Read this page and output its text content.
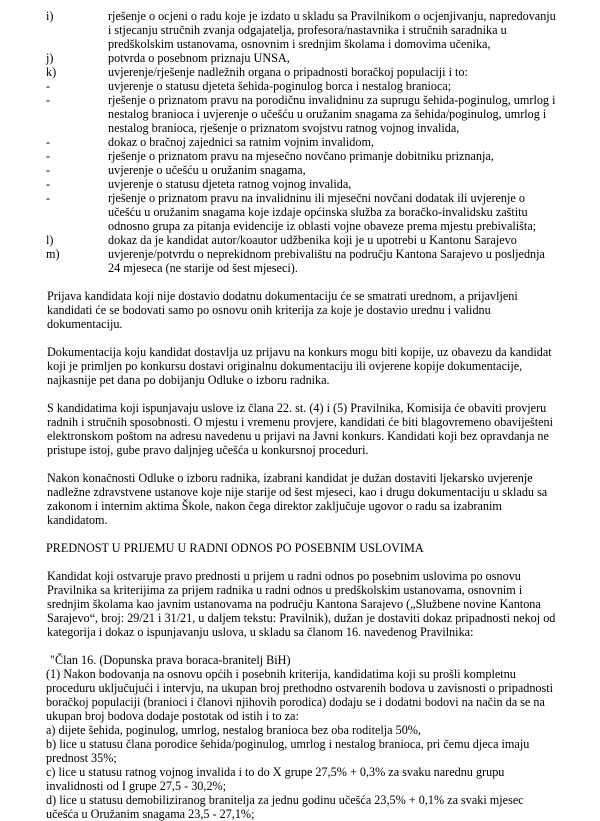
i)	rješenje o ocjeni o radu koje je izdato u skladu sa Pravilnikom o ocjenjivanju, napredovanju i stjecanju stručnih zvanja odgajatelja, profesora/nastavnika i stručnih saradnika u predškolskim ustanovama, osnovnim i srednjim školama i domovima učenika,
j)	potvrda o posebnom priznaju UNSA,
k)	uvjerenje/rješenje nadležnih organa o pripadnosti boračkoj populaciji i to:
-	uvjerenje o statusu djeteta šehida-poginulog borca i nestalog branioca;
-	rješenje o priznatom pravu na porodičnu invalidninu za suprugu šehida-poginulog, umrlog i nestalog branioca i uvjerenje o učešću u oružanim snagama za šehida/poginulog, umrlog i nestalog branioca, rješenje o priznatom svojstvu ratnog vojnog invalida,
-	dokaz o bračnoj zajednici sa ratnim vojnim invalidom,
-	rješenje o priznatom pravu na mjesečno novčano primanje dobitniku priznanja,
-	uvjerenje o učešću u oružanim snagama,
-	uvjerenje o statusu djeteta ratnog vojnog invalida,
-	rješenje o priznatom pravu na invalidninu ili mjesečni novčani dodatak ili uvjerenje o učešću u oružanim snagama koje izdaje općinska služba za boračko-invalidsku zaštitu odnosno grupa za pitanja evidencije iz oblasti vojne obaveze prema mjestu prebivališta;
l)	dokaz da je kandidat autor/koautor udžbenika koji je u upotrebi u Kantonu Sarajevo
m)	uvjerenje/potvrdu o neprekidnom prebivalištu na području Kantona Sarajevo u posljednja 24 mjeseca (ne starije od šest mjeseci).

Prijava kandidata koji nije dostavio dodatnu dokumentaciju će se smatrati urednom, a prijavljeni kandidati će se bodovati samo po osnovu onih kriterija za koje je dostavio urednu i validnu dokumentaciju.

Dokumentacija koju kandidat dostavlja uz prijavu na konkurs mogu biti kopije, uz obavezu da kandidat koji je primljen po konkursu dostavi originalnu dokumentaciju ili ovjerene kopije dokumentacije, najkasnije pet dana po dobijanju Odluke o izboru radnika.

S kandidatima koji ispunjavaju uslove iz člana 22. st. (4) i (5) Pravilnika, Komisija će obaviti provjeru radnih i stručnih sposobnosti. O mjestu i vremenu provjere, kandidati će biti blagovremeno obaviješteni elektronskom poštom na adresu navedenu u prijavi na Javni konkurs. Kandidati koji bez opravdanja ne pristupe istoj, gube pravo daljnjeg učešća u konkursnoj proceduri.

Nakon konačnosti Odluke o izboru radnika, izabrani kandidat je dužan dostaviti ljekarsko uvjerenje nadležne zdravstvene ustanove koje nije starije od šest mjeseci, kao i drugu dokumentaciju u skladu sa zakonom i internim aktima Škole, nakon čega direktor zaključuje ugovor o radu sa izabranim kandidatom.

PREDNOST U PRIJEMU U RADNI ODNOS PO POSEBNIM USLOVIMA

Kandidat koji ostvaruje pravo prednosti u prijem u radni odnos po posebnim uslovima po osnovu Pravilnika sa kriterijima za prijem radnika u radni odnos u predškolskim ustanovama, osnovnim i srednjim školama kao javnim ustanovama na području Kantona Sarajevo („Službene novine Kantona Sarajevo“, broj: 29/21 i 31/21, u daljem tekstu: Pravilnik), dužan je dostaviti dokaz pripadnosti nekoj od kategorija i dokaz o ispunjavanju uslova, u skladu sa članom 16. navedenog Pravilnika:

"Član 16. (Dopunska prava boraca-branitelj BiH)

(1) Nakon bodovanja na osnovu općih i posebnih kriterija, kandidatima koji su prošli kompletnu proceduru uključujući i intervju, na ukupan broj prethodno ostvarenih bodova u zavisnosti o pripadnosti boračkoj populaciji (branioci i članovi njihovih porodica) dodaju se i dodatni bodovi na način da se na ukupan broj bodova dodaje postotak od istih i to za:

a) dijete šehida, poginulog, umrlog, nestalog branioca bez oba roditelja 50%,

b) lice u statusu člana porodice šehida/poginulog, umrlog i nestalog branioca, pri čemu djeca imaju prednost 35%;

c) lice u statusu ratnog vojnog invalida i to do X grupe 27,5% + 0,3% za svaku narednu grupu invalidnosti od I grupe 27,5 - 30,2%;

d) lice u statusu demobiliziranog branitelja za jednu godinu učešća 23,5% + 0,1% za svaki mjesec učešća u Oružanim snagama 23,5 - 27,1%;
